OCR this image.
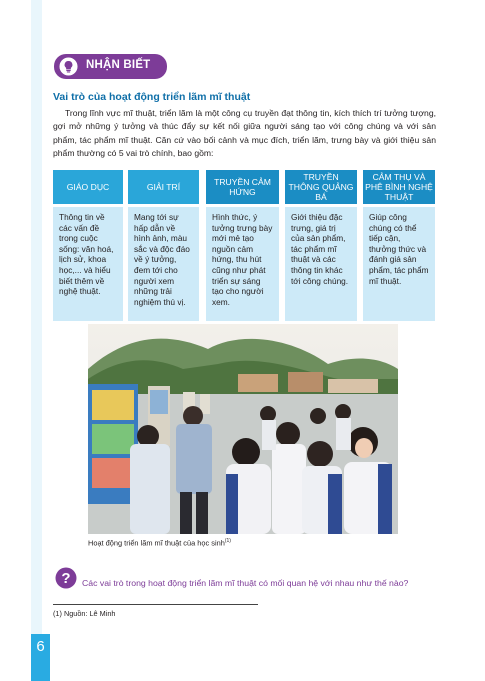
NHẬN BIẾT
Vai trò của hoạt động triển lãm mĩ thuật

Trong lĩnh vực mĩ thuật, triển lãm là một công cụ truyền đạt thông tin, kích thích trí tưởng tượng, gợi mở những ý tưởng và thúc đẩy sự kết nối giữa người sáng tạo với công chúng và với sản phẩm, tác phẩm mĩ thuật. Căn cứ vào bối cảnh và mục đích, triển lãm, trưng bày và giới thiệu sản phẩm thường có 5 vai trò chính, bao gồm:

GIÁO DỤC
Thông tin về các vấn đề trong cuộc sống: văn hoá, lịch sử, khoa học,... và hiểu biết thêm về nghệ thuật.
GIẢI TRÍ
Mang tới sự hấp dẫn về hình ảnh, màu sắc và độc đáo về ý tưởng, đem tới cho người xem những trải nghiệm thú vị.
TRUYỀN CẢM HỨNG
Hình thức, ý tưởng trưng bày mới mẻ tạo nguồn cảm hứng, thu hút cũng như phát triển sự sáng tạo cho người xem.
TRUYỀN THÔNG QUẢNG BÁ
Giới thiệu đặc trưng, giá trị của sản phẩm, tác phẩm mĩ thuật và các thông tin khác tới công chúng.
CẢM THỤ VÀ PHÊ BÌNH NGHỆ THUẬT
Giúp công chúng có thể tiếp cận, thưởng thức và đánh giá sản phẩm, tác phẩm mĩ thuật.
Hoạt động triển lãm mĩ thuật của học $\sinh^{(1)}$
? Các vai trò trong hoạt động triển lãm mĩ thuật có mối quan hệ với nhau như thế nào?
(1) Nguồn: Lê Minh
6
